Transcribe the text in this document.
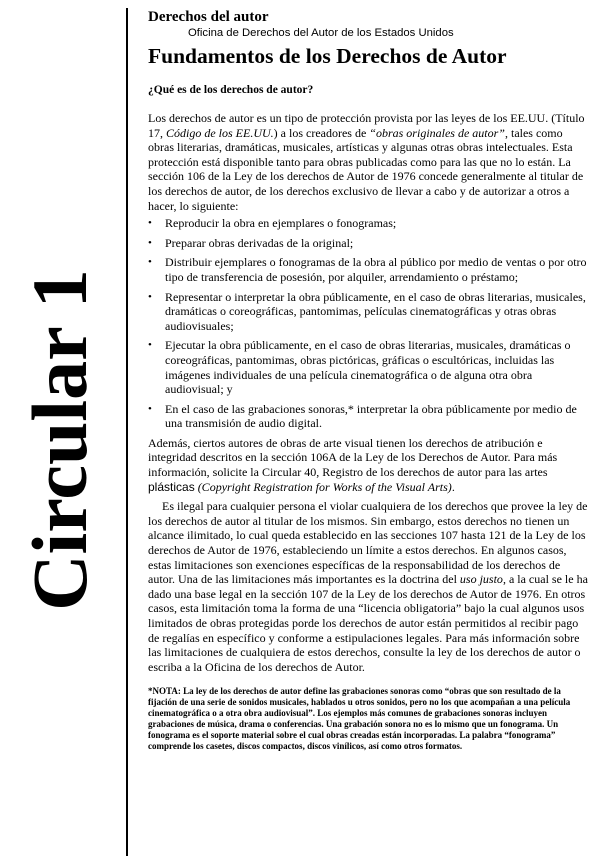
Circular 1

Derechos del autor

Oficina de Derechos del Autor de los Estados Unidos

Fundamentos de los Derechos de Autor
¿Qué es de los derechos de autor?

Los derechos de autor es un tipo de protección provista por las leyes de los EE.UU. (Título 17, Código de los EE.UU.) a los creadores de “obras originales de autor”, tales como obras literarias, dramáticas, musicales, artísticas y algunas otras obras intelectuales. Esta protección está disponible tanto para obras publicadas como para las que no lo están. La sección 106 de la Ley de los derechos de Autor de 1976 concede generalmente al titular de los derechos de autor, de los derechos exclusivo de llevar a cabo y de autorizar a otros a hacer, lo siguiente:

• Reproducir la obra en ejemplares o fonogramas;
• Preparar obras derivadas de la original;
• Distribuir ejemplares o fonogramas de la obra al público por medio de ventas o por otro tipo de transferencia de posesión, por alquiler, arrendamiento o préstamo;
• Representar o interpretar la obra públicamente, en el caso de obras literarias, musicales, dramáticas o coreográficas, pantomimas, películas cinematográficas y otras obras audiovisuales;
• Ejecutar la obra públicamente, en el caso de obras literarias, musicales, dramáticas o coreográficas, pantomimas, obras pictóricas, gráficas o escultóricas, incluidas las imágenes individuales de una película cinematográfica o de alguna otra obra audiovisual; y
• En el caso de las grabaciones sonoras,* interpretar la obra públicamente por medio de una transmisión de audio digital.

Además, ciertos autores de obras de arte visual tienen los derechos de atribución e integridad descritos en la sección 106A de la Ley de los Derechos de Autor. Para más información, solicite la Circular 40, Registro de los derechos de autor para las artes plásticas (Copyright Registration for Works of the Visual Arts).

Es ilegal para cualquier persona el violar cualquiera de los derechos que provee la ley de los derechos de autor al titular de los mismos. Sin embargo, estos derechos no tienen un alcance ilimitado, lo cual queda establecido en las secciones 107 hasta 121 de la Ley de los derechos de Autor de 1976, estableciendo un límite a estos derechos. En algunos casos, estas limitaciones son exenciones específicas de la responsabilidad de los derechos de autor. Una de las limitaciones más importantes es la doctrina del uso justo, a la cual se le ha dado una base legal en la sección 107 de la Ley de los derechos de Autor de 1976. En otros casos, esta limitación toma la forma de una “licencia obligatoria” bajo la cual algunos usos limitados de obras protegidas porde los derechos de autor están permitidos al recibir pago de regalías en específico y conforme a estipulaciones legales. Para más información sobre las limitaciones de cualquiera de estos derechos, consulte la ley de los derechos de autor o escriba a la Oficina de los derechos de Autor.

*NOTA: La ley de los derechos de autor define las grabaciones sonoras como “obras que son resultado de la fijación de una serie de sonidos musicales, hablados u otros sonidos, pero no los que acompañan a una película cinematográfica o a otra obra audiovisual”. Los ejemplos más comunes de grabaciones sonoras incluyen grabaciones de música, drama o conferencias. Una grabación sonora no es lo mismo que un fonograma. Un fonograma es el soporte material sobre el cual obras creadas están incorporadas. La palabra “fonograma” comprende los casetes, discos compactos, discos vinílicos, así como otros formatos.
